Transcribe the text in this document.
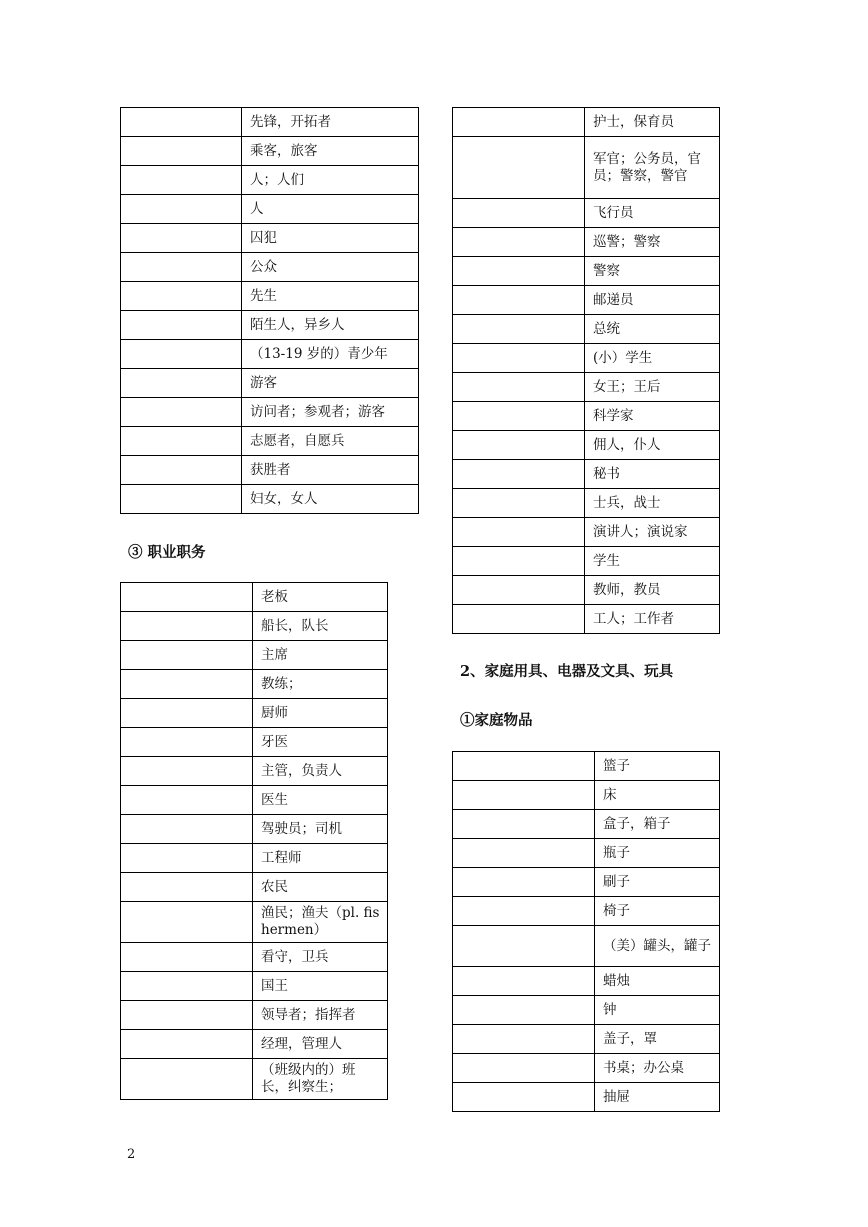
	先锋，开拓者
	乘客，旅客
	人；人们
	人
	囚犯
	公众
	先生
	陌生人，异乡人
	（13-19 岁的）青少年
	游客
	访问者；参观者；游客
	志愿者，自愿兵
	获胜者
	妇女，女人
③ 职业职务
	老板
	船长，队长
	主席
	教练；
	厨师
	牙医
	主管，负责人
	医生
	驾驶员；司机
	工程师
	农民
	渔民；渔夫（pl. fishermen）
	看守，卫兵
	国王
	领导者；指挥者
	经理，管理人
	（班级内的）班长，纠察生；
	护士，保育员
	军官；公务员，官员；警察，警官
	飞行员
	巡警；警察
	警察
	邮递员
	总统
	(小）学生
	女王；王后
	科学家
	佣人，仆人
	秘书
	士兵，战士
	演讲人；演说家
	学生
	教师，教员
	工人；工作者
2、家庭用具、电器及文具、玩具
①家庭物品
	篮子
	床
	盒子，箱子
	瓶子
	刷子
	椅子
	（美）罐头，罐子
	蜡烛
	钟
	盖子，罩
	书桌；办公桌
	抽屉
2
